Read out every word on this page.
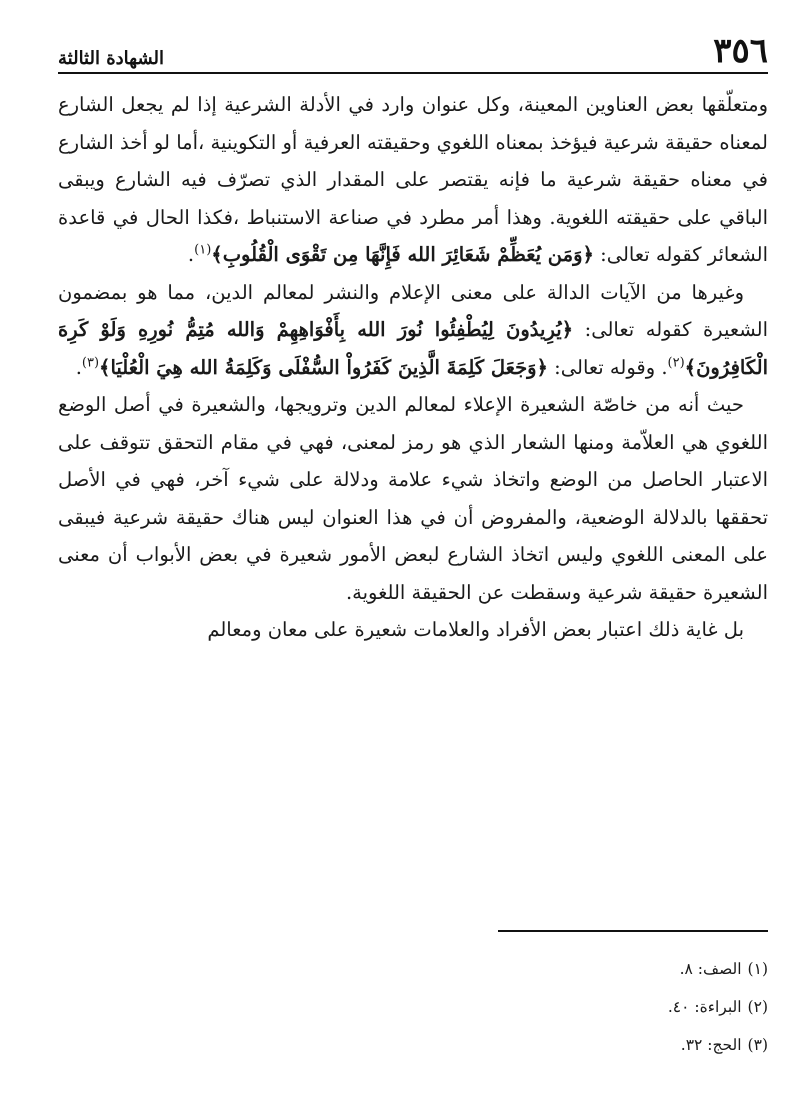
٣٥٦
الشهادة الثالثة

ومتعلّقها بعض العناوين المعينة، وكل عنوان وارد في الأدلة الشرعية إذا لم يجعل الشارع لمعناه حقيقة شرعية فيؤخذ بمعناه اللغوي وحقيقته العرفية أو التكوينية ،أما لو أخذ الشارع في معناه حقيقة شرعية ما فإنه يقتصر على المقدار الذي تصرّف فيه الشارع ويبقى الباقي على حقيقته اللغوية. وهذا أمر مطرد في صناعة الاستنباط ،فكذا الحال في قاعدة الشعائر كقوله تعالى: ﴿وَمَن يُعَظِّمْ شَعَائِرَ الله فَإِنَّهَا مِن تَقْوَى الْقُلُوبِ﴾$^{(١)}$.

وغيرها من الآيات الدالة على معنى الإعلام والنشر لمعالم الدين، مما هو بمضمون الشعيرة كقوله تعالى: ﴿يُرِيدُونَ لِيُطْفِئُوا نُورَ الله بِأَفْوَاهِهِمْ وَالله مُتِمُّ نُورِهِ وَلَوْ كَرِهَ الْكَافِرُونَ﴾$^{(٢)}$. وقوله تعالى: ﴿وَجَعَلَ كَلِمَةَ الَّذِينَ كَفَرُواْ السُّفْلَى وَكَلِمَةُ الله هِيَ الْعُلْيَا﴾$^{(٣)}$.

حيث أنه من خاصّة الشعيرة الإعلاء لمعالم الدين وترويجها، والشعيرة في أصل الوضع اللغوي هي العلاّمة ومنها الشعار الذي هو رمز لمعنى، فهي في مقام التحقق تتوقف على الاعتبار الحاصل من الوضع واتخاذ شيء علامة ودلالة على شيء آخر، فهي في الأصل تحققها بالدلالة الوضعية، والمفروض أن في هذا العنوان ليس هناك حقيقة شرعية فيبقى على المعنى اللغوي وليس اتخاذ الشارع لبعض الأمور شعيرة في بعض الأبواب أن معنى الشعيرة حقيقة شرعية وسقطت عن الحقيقة اللغوية.

بل غاية ذلك اعتبار بعض الأفراد والعلامات شعيرة على معان ومعالم

(١)
الصف: ٨.
(٢)
البراءة: ٤٠.
(٣)
الحج: ٣٢.
